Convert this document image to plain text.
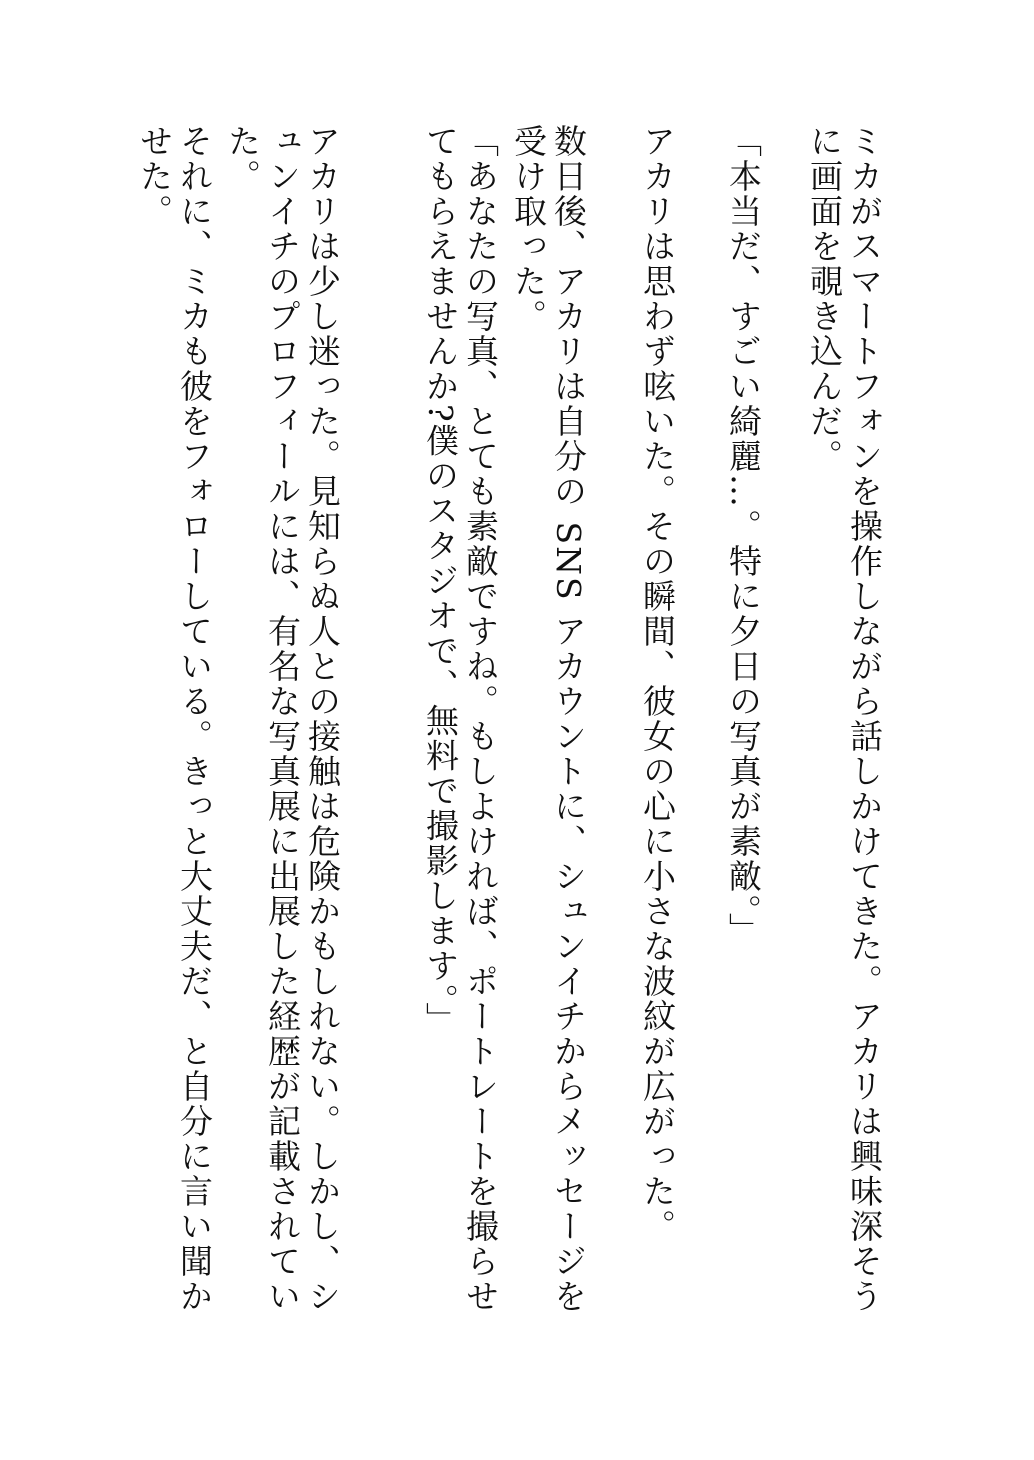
ミカがスマートフォンを操作しながら話しかけてきた。アカリは興味深そうに画面を覗き込んだ。
「本当だ、すごい綺麗…。特に夕日の写真が素敵。」
アカリは思わず呟いた。その瞬間、彼女の心に小さな波紋が広がった。
数日後、アカリは自分の SNS アカウントに、シュンイチからメッセージを受け取った。
「あなたの写真、とても素敵ですね。もしよければ、ポートレートを撮らせてもらえませんか?僕のスタジオで、無料で撮影します。」
アカリは少し迷った。見知らぬ人との接触は危険かもしれない。しかし、シュンイチのプロフィールには、有名な写真展に出展した経歴が記載されていた。
それに、ミカも彼をフォローしている。きっと大丈夫だ、と自分に言い聞かせた。
